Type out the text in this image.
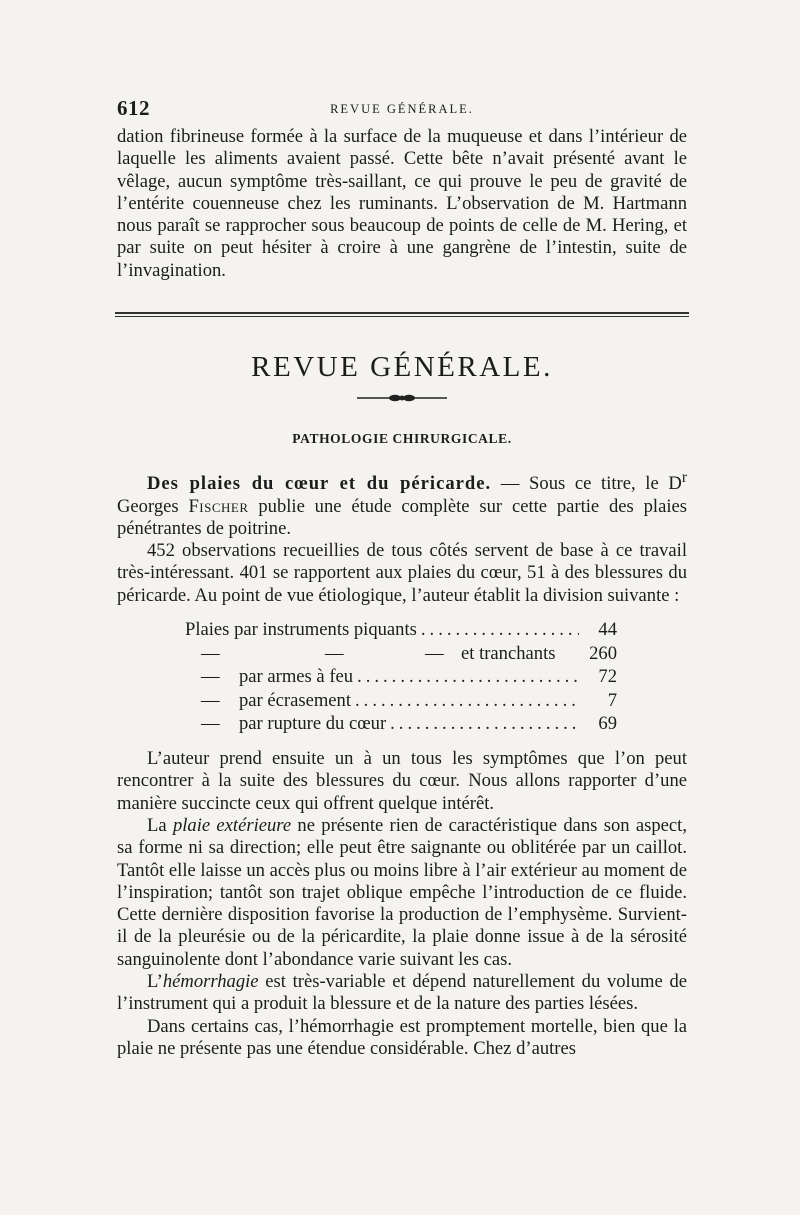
612	REVUE GÉNÉRALE.

dation fibrineuse formée à la surface de la muqueuse et dans l’intérieur de laquelle les aliments avaient passé. Cette bête n’avait présenté avant le vêlage, aucun symptôme très-saillant, ce qui prouve le peu de gravité de l’entérite couenneuse chez les ruminants. L’observation de M. Hartmann nous paraît se rapprocher sous beaucoup de points de celle de M. Hering, et par suite on peut hésiter à croire à une gangrène de l’intestin, suite de l’invagination.

REVUE GÉNÉRALE.
PATHOLOGIE CHIRURGICALE.

Des plaies du cœur et du péricarde. — Sous ce titre, le $D^r$ Georges Fischer publie une étude complète sur cette partie des plaies pénétrantes de poitrine.

452 observations recueillies de tous côtés servent de base à ce travail très-intéressant. 401 se rapportent aux plaies du cœur, 51 à des blessures du péricarde. Au point de vue étiologique, l’auteur établit la division suivante :

Plaies par instruments piquants .....	44
—	—	— et tranchants	260
— par armes à feu .....	72
— par écrasement .....	7
— par rupture du cœur .....	69

L’auteur prend ensuite un à un tous les symptômes que l’on peut rencontrer à la suite des blessures du cœur. Nous allons rapporter d’une manière succincte ceux qui offrent quelque intérêt.

La plaie extérieure ne présente rien de caractéristique dans son aspect, sa forme ni sa direction; elle peut être saignante ou oblitérée par un caillot. Tantôt elle laisse un accès plus ou moins libre à l’air extérieur au moment de l’inspiration; tantôt son trajet oblique empêche l’introduction de ce fluide. Cette dernière disposition favorise la production de l’emphysème. Survient-il de la pleurésie ou de la péricardite, la plaie donne issue à de la sérosité sanguinolente dont l’abondance varie suivant les cas.

L’hémorrhagie est très-variable et dépend naturellement du volume de l’instrument qui a produit la blessure et de la nature des parties lésées.

Dans certains cas, l’hémorrhagie est promptement mortelle, bien que la plaie ne présente pas une étendue considérable. Chez d’autres
